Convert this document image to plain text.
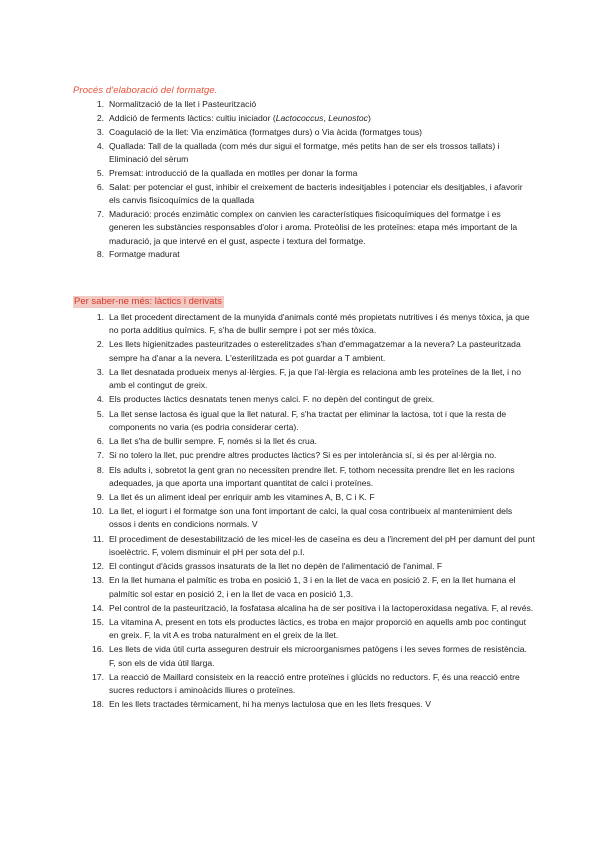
Procés d'elaboració del formatge.
1. Normalització de la llet i Pasteurització
2. Addició de ferments làctics: cultiu iniciador (Lactococcus, Leunostoc)
3. Coagulació de la llet: Via enzimàtica (formatges durs) o Via àcida (formatges tous)
4. Quallada: Tall de la quallada (com més dur sigui el formatge, més petits han de ser els trossos tallats) i Eliminació del sèrum
5. Premsat: introducció de la quallada en motlles per donar la forma
6. Salat: per potenciar el gust, inhibir el creixement de bacteris indesitjables i potenciar els desitjables, i afavorir els canvis fisicoquímics de la quallada
7. Maduració: procés enzimàtic complex on canvien les característiques fisicoquímiques del formatge i es generen les substàncies responsables d'olor i aroma. Proteòlisi de les proteïnes: etapa més important de la maduració, ja que intervé en el gust, aspecte i textura del formatge.
8. Formatge madurat
Per saber-ne més: làctics i derivats
1. La llet procedent directament de la munyida d'animals conté més propietats nutritives i és menys tòxica, ja que no porta additius químics. F, s'ha de bullir sempre i pot ser més tòxica.
2. Les llets higienitzades pasteuritzades o esterelitzades s'han d'emmagatzemar a la nevera? La pasteuritzada sempre ha d'anar a la nevera. L'esterilitzada es pot guardar a T ambient.
3. La llet desnatada produeix menys al·lèrgies. F, ja que l'al·lèrgia es relaciona amb les proteïnes de la llet, i no amb el contingut de greix.
4. Els productes làctics desnatats tenen menys calci. F. no depèn del contingut de greix.
5. La llet sense lactosa és igual que la llet natural. F, s'ha tractat per eliminar la lactosa, tot i que la resta de components no varia (es podria considerar certa).
6. La llet s'ha de bullir sempre. F, només si la llet és crua.
7. Si no tolero la llet, puc prendre altres productes làctics? Si es per intolerància sí, si és per al·lèrgia no.
8. Els adults i, sobretot la gent gran no necessiten prendre llet. F, tothom necessita prendre llet en les racions adequades, ja que aporta una important quantitat de calci i proteïnes.
9. La llet és un aliment ideal per enriquir amb les vitamines A, B, C i K. F
10. La llet, el iogurt i el formatge son una font important de calci, la qual cosa contribueix al mantenimient dels ossos i dents en condicions normals. V
11. El procediment de desestabilització de les micel·les de caseïna es deu a l'increment del pH per damunt del punt isoelèctric. F, volem disminuir el pH per sota del p.I.
12. El contingut d'àcids grassos insaturats de la llet no depèn de l'alimentació de l'animal. F
13. En la llet humana el palmític es troba en posició 1, 3 i en la llet de vaca en posició 2. F, en la llet humana el palmític sol estar en posició 2, i en la llet de vaca en posició 1,3.
14. Pel control de la pasteurització, la fosfatasa alcalina ha de ser positiva i la lactoperoxidasa negativa. F, al revés.
15. La vitamina A, present en tots els productes làctics, es troba en major proporció en aquells amb poc contingut en greix. F, la vit A es troba naturalment en el greix de la llet.
16. Les llets de vida útil curta asseguren destruir els microorganismes patògens i les seves formes de resistència. F, son els de vida útil llarga.
17. La reacció de Maillard consisteix en la reacció entre proteïnes i glúcids no reductors. F, és una reacció entre sucres reductors i aminoàcids lliures o proteïnes.
18. En les llets tractades tèrmicament, hi ha menys lactulosa que en les llets fresques. V
